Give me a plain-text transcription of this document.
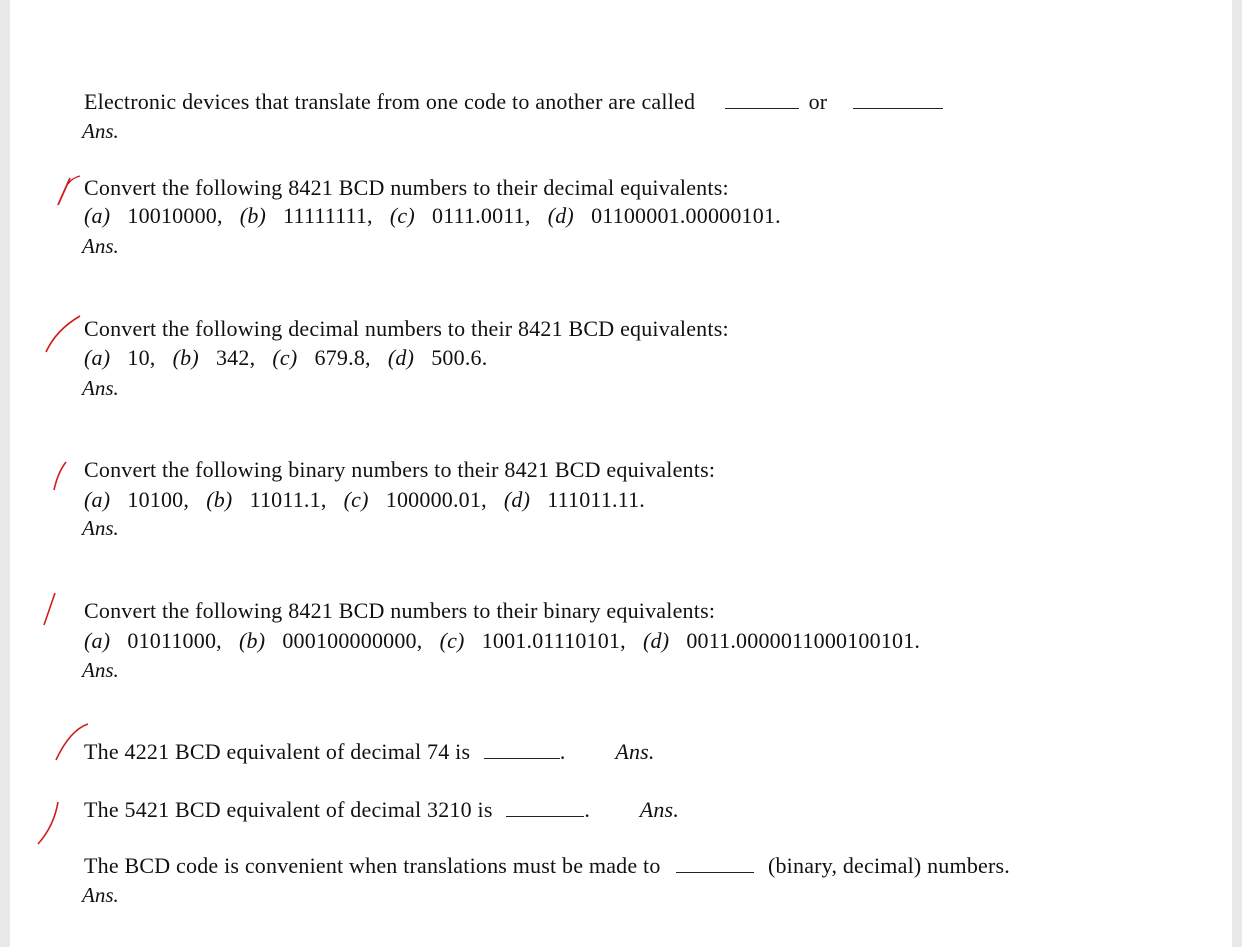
Electronic devices that translate from one code to another are called	or
Ans.
Convert the following 8421 BCD numbers to their decimal equivalents:
(a) 10010000, (b) 11111111, (c) 0111.0011, (d) 01100001.00000101.
Ans.
Convert the following decimal numbers to their 8421 BCD equivalents:
(a) 10, (b) 342, (c) 679.8, (d) 500.6.
Ans.
Convert the following binary numbers to their 8421 BCD equivalents:
(a) 10100, (b) 11011.1, (c) 100000.01, (d) 111011.11.
Ans.
Convert the following 8421 BCD numbers to their binary equivalents:
(a) 01011000, (b) 000100000000, (c) 1001.01110101, (d) 0011.0000011000100101.
Ans.
The 4221 BCD equivalent of decimal 74 is	. Ans.
The 5421 BCD equivalent of decimal 3210 is	. Ans.
The BCD code is convenient when translations must be made to	(binary, decimal) numbers.
Ans.
